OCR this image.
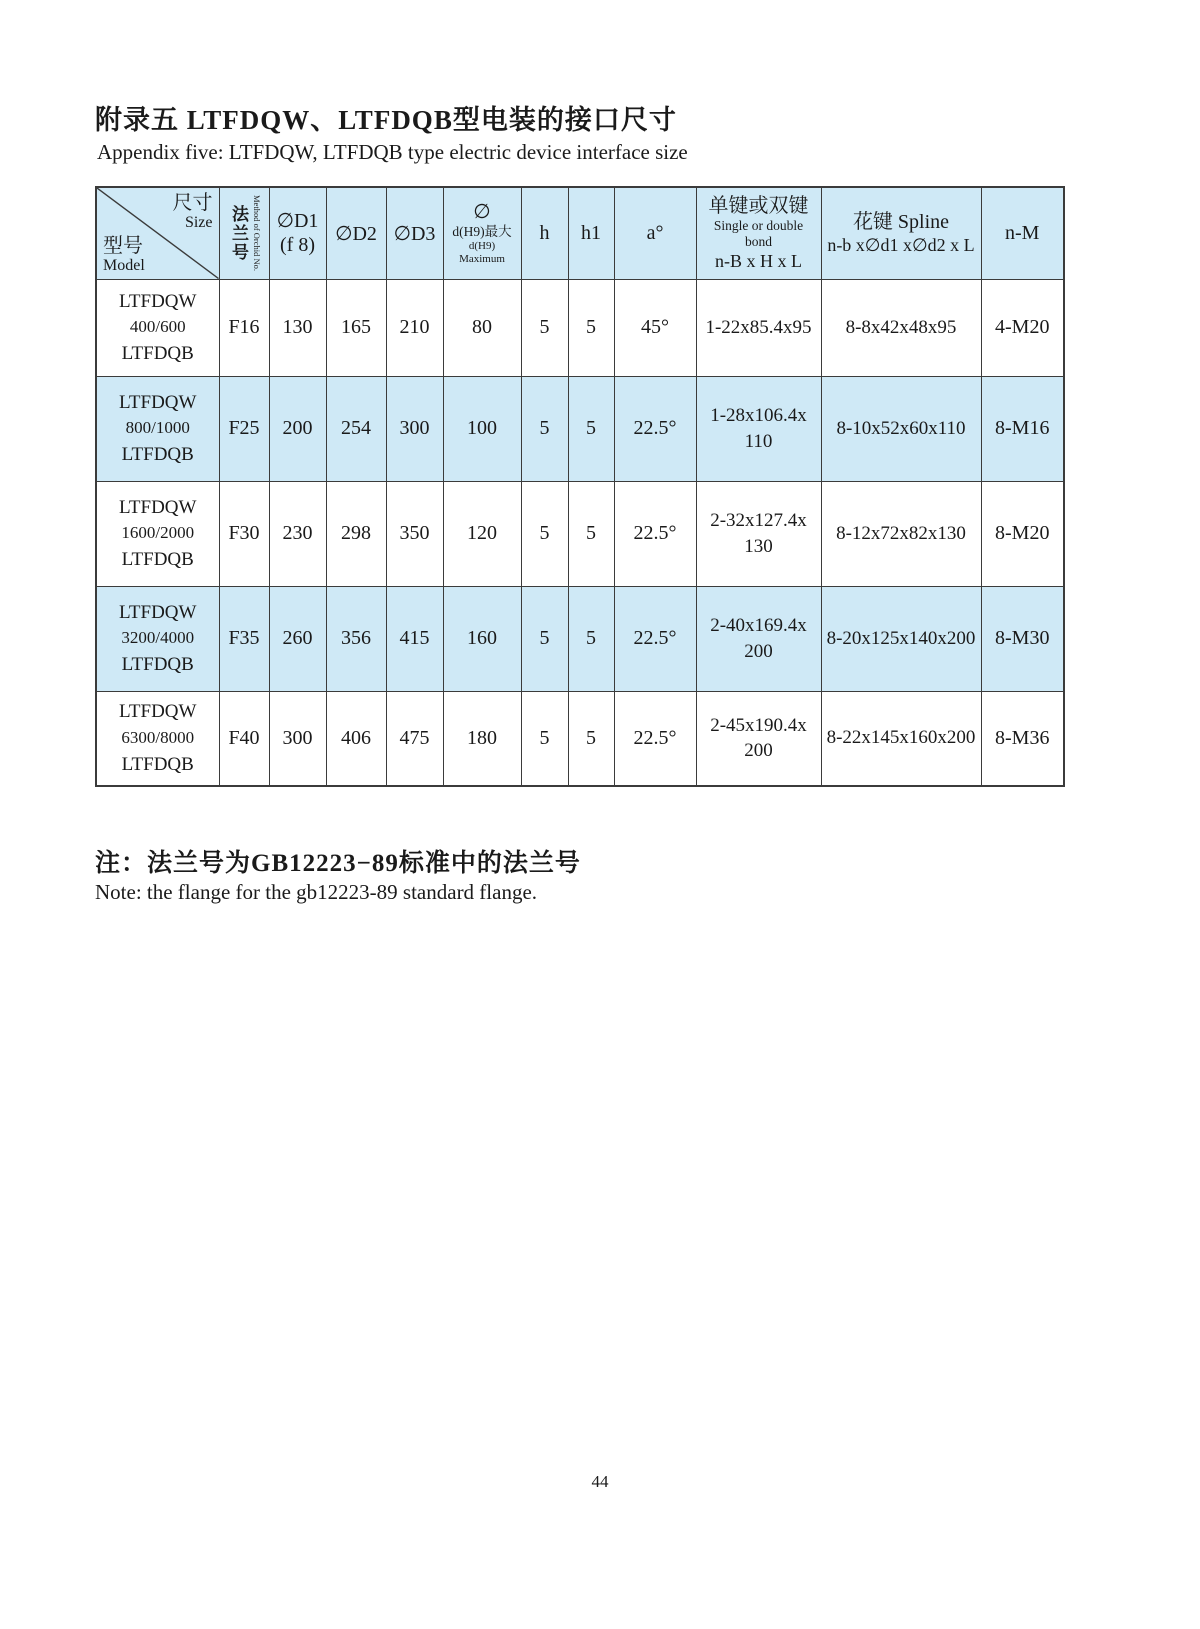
附录五 LTFDQW、LTFDQB型电装的接口尺寸
Appendix five: LTFDQW, LTFDQB type electric device interface size
尺寸
Size
型号
Model	法兰号 Method of Orchid No.	∅D1
(f 8)	∅D2	∅D3	∅
d(H9)最大
d(H9) Maximum	h	h1	a°	单键或双键
Single or double bond
n-B x H x L	花键 Spline
n-b x∅d1 x∅d2 x L	n-M

LTFDQW
400/600
LTFDQB	F16	130	165	210	80	5	5	45°	1-22x85.4x95	8-8x42x48x95	4-M20

LTFDQW
800/1000
LTFDQB	F25	200	254	300	100	5	5	22.5°	1-28x106.4x 110	8-10x52x60x110	8-M16

LTFDQW
1600/2000
LTFDQB	F30	230	298	350	120	5	5	22.5°	2-32x127.4x 130	8-12x72x82x130	8-M20

LTFDQW
3200/4000
LTFDQB	F35	260	356	415	160	5	5	22.5°	2-40x169.4x 200	8-20x125x140x200	8-M30

LTFDQW
6300/8000
LTFDQB	F40	300	406	475	180	5	5	22.5°	2-45x190.4x 200	8-22x145x160x200	8-M36
注：法兰号为GB12223−89标准中的法兰号
Note: the flange for the gb12223-89 standard flange.
44
